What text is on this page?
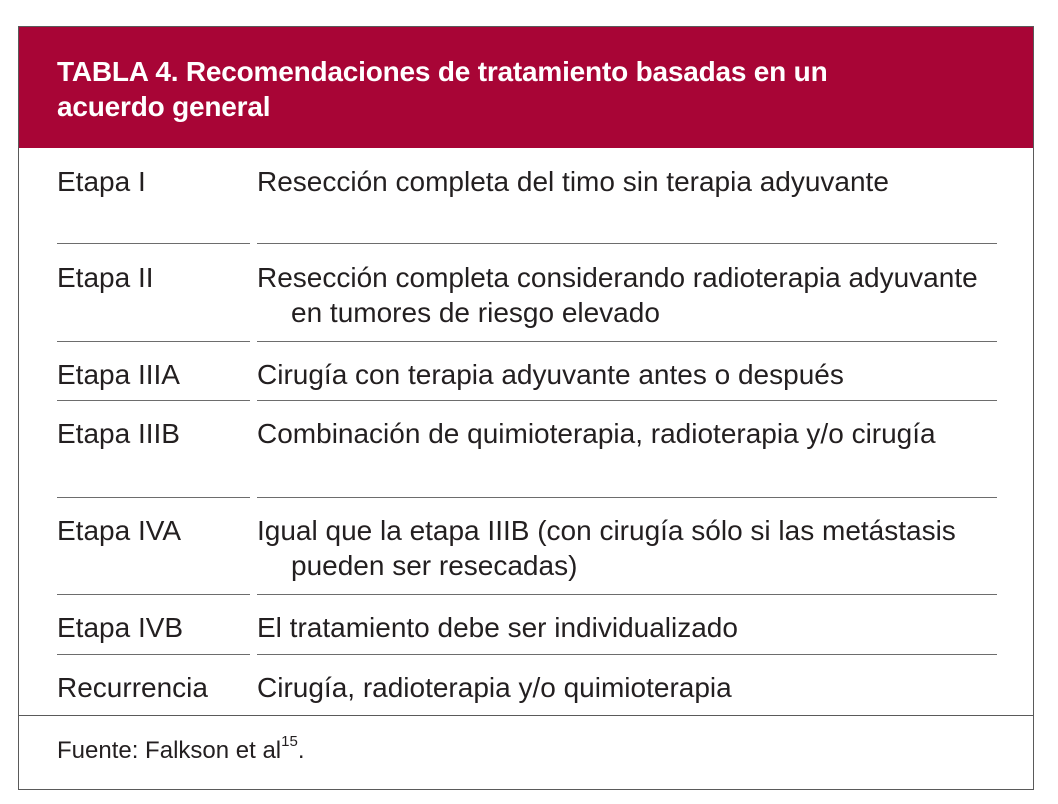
TABLA 4. Recomendaciones de tratamiento basadas en un acuerdo general
Etapa I	Resección completa del timo sin terapia adyuvante
Etapa II	Resección completa considerando radioterapia adyuvante en tumores de riesgo elevado
Etapa IIIA	Cirugía con terapia adyuvante antes o después
Etapa IIIB	Combinación de quimioterapia, radioterapia y/o cirugía
Etapa IVA	Igual que la etapa IIIB (con cirugía sólo si las metástasis pueden ser resecadas)
Etapa IVB	El tratamiento debe ser individualizado
Recurrencia Cirugía, radioterapia y/o quimioterapia
Fuente: Falkson et $al^{15}$.
